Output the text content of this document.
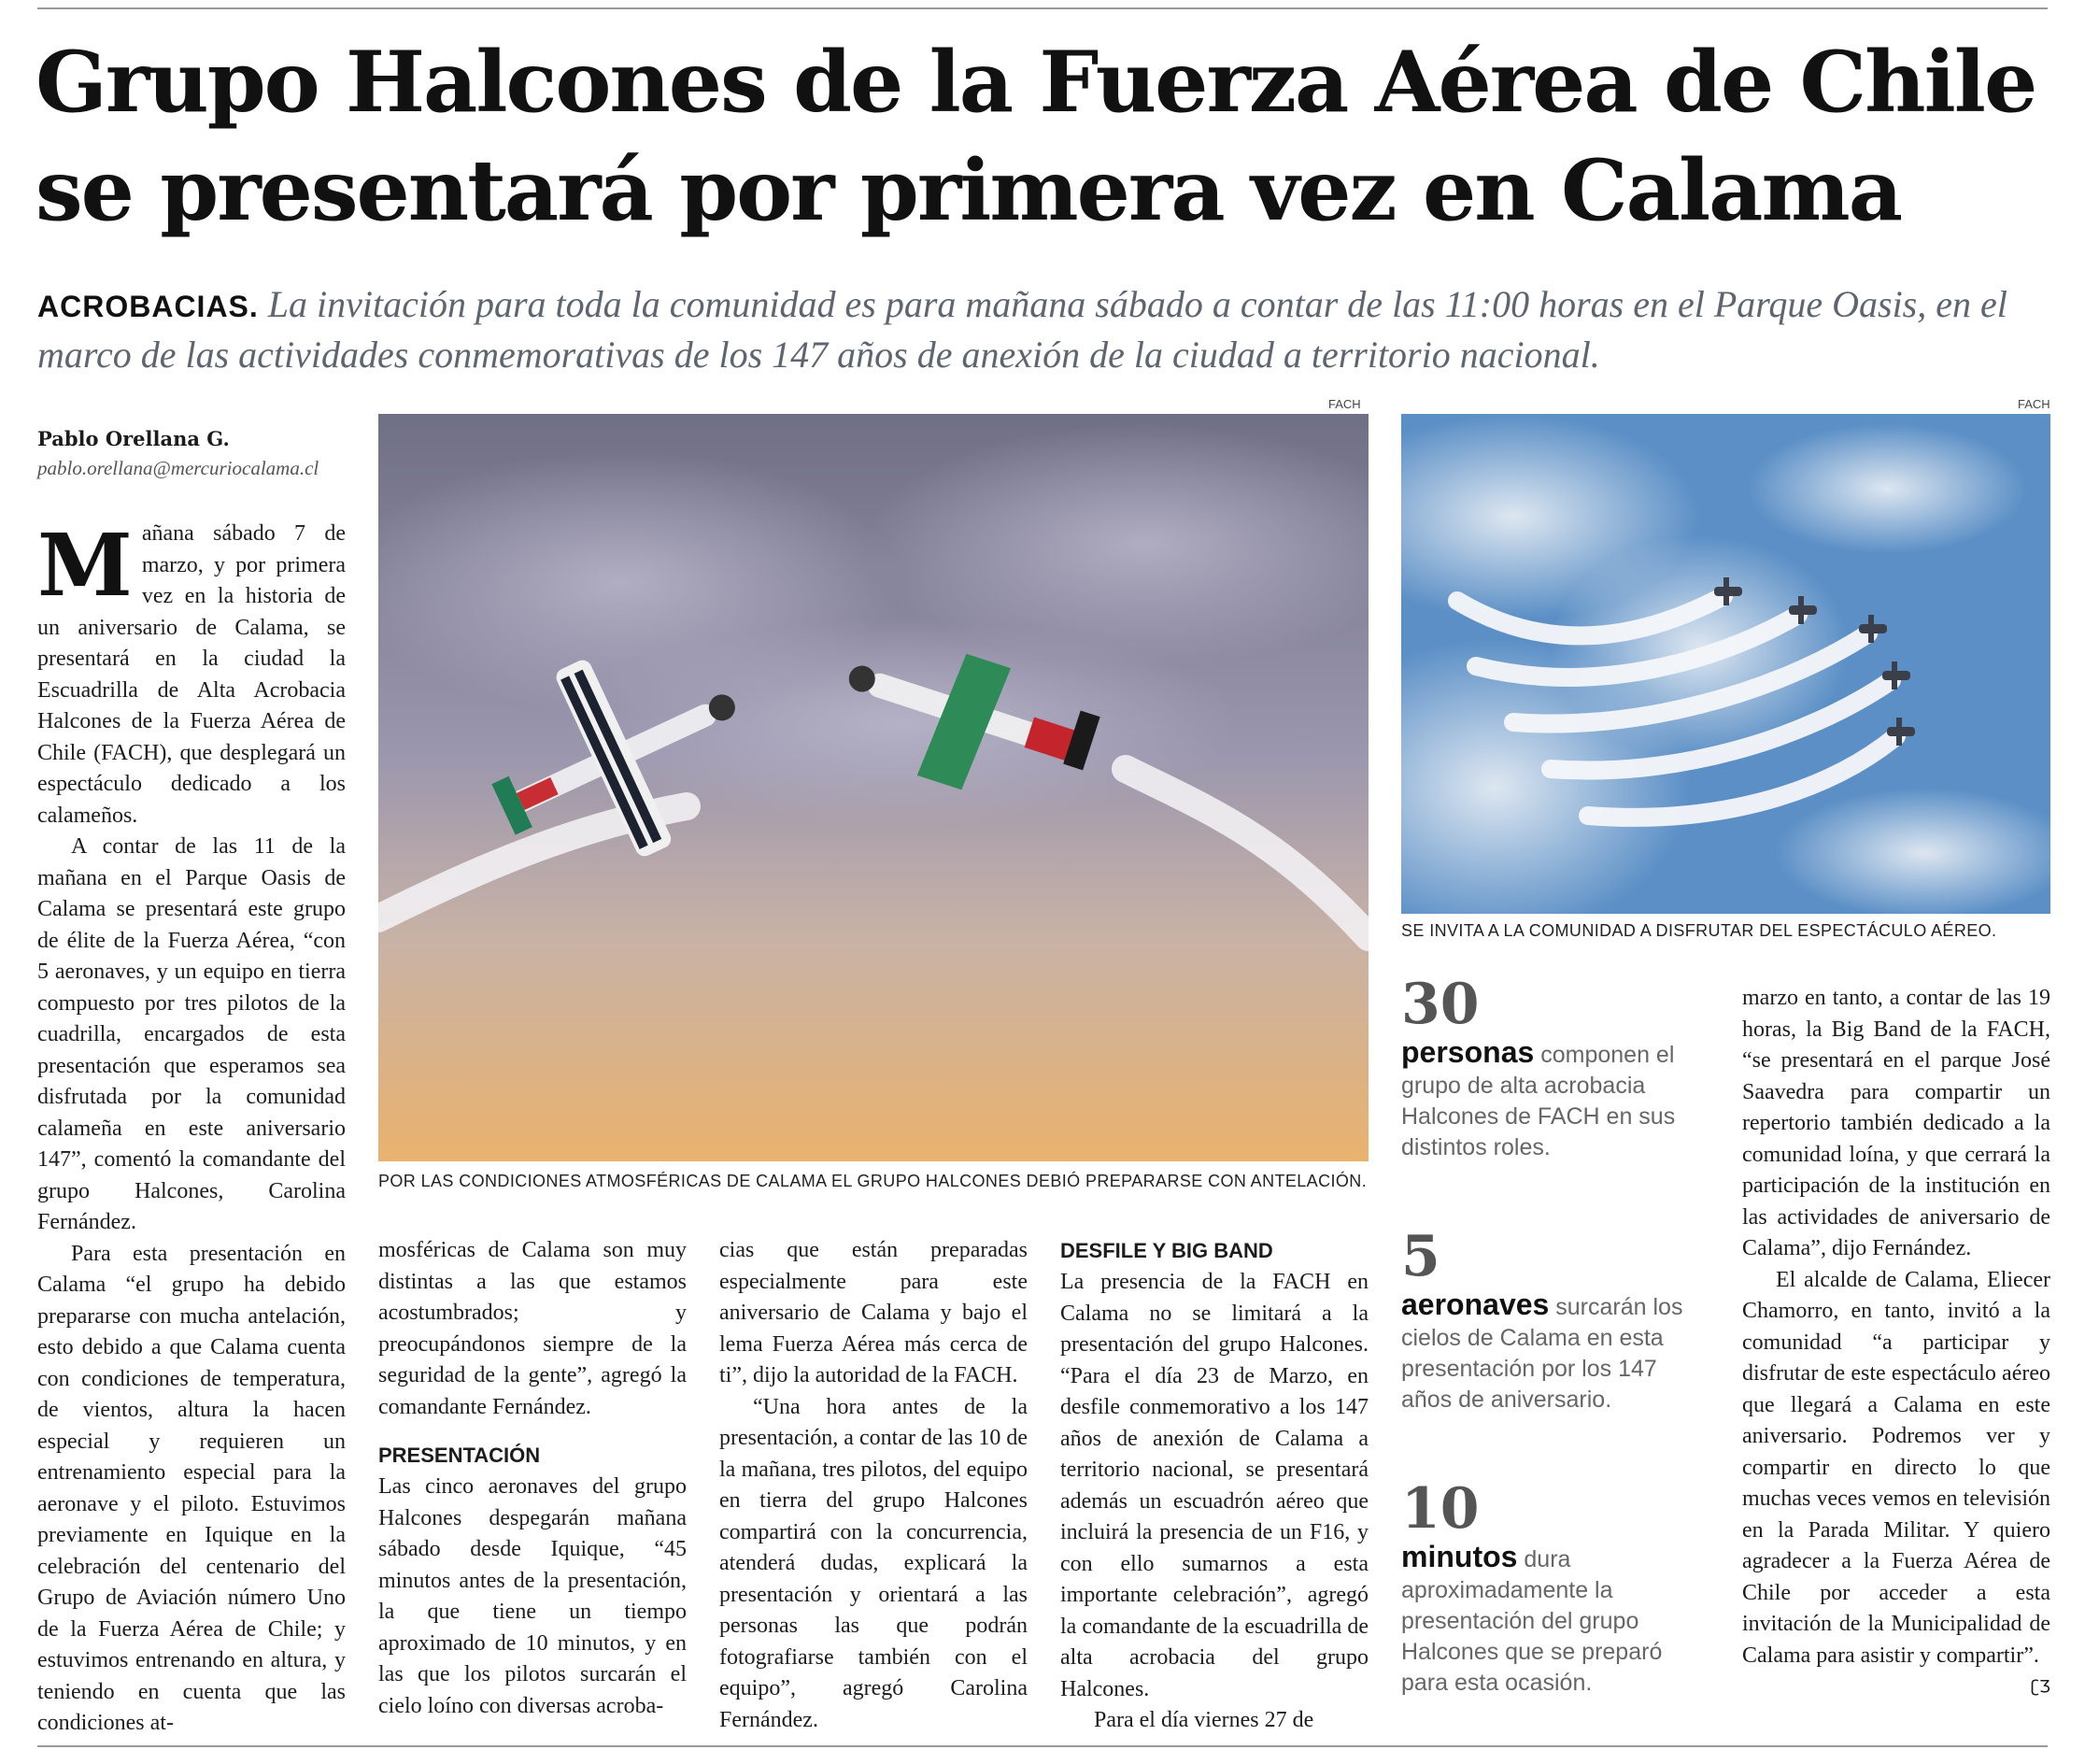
Grupo Halcones de la Fuerza Aérea de Chile
se presentará por primera vez en Calama
ACROBACIAS. La invitación para toda la comunidad es para mañana sábado a contar de las 11:00 horas en el Parque Oasis, en el marco de las actividades conmemorativas de los 147 años de anexión de la ciudad a territorio nacional.
Pablo Orellana G.
pablo.orellana@mercuriocalama.cl

Mañana sábado 7 de marzo, y por primera vez en la historia de un aniversario de Calama, se presentará en la ciudad la Escuadrilla de Alta Acrobacia Halcones de la Fuerza Aérea de Chile (FACH), que desplegará un espectáculo dedicado a los calameños.

A contar de las 11 de la mañana en el Parque Oasis de Calama se presentará este grupo de élite de la Fuerza Aérea, “con 5 aeronaves, y un equipo en tierra compuesto por tres pilotos de la cuadrilla, encargados de esta presentación que esperamos sea disfrutada por la comunidad calameña en este aniversario 147”, comentó la comandante del grupo Halcones, Carolina Fernández.

Para esta presentación en Calama “el grupo ha debido prepararse con mucha antelación, esto debido a que Calama cuenta con condiciones de temperatura, de vientos, altura la hacen especial y requieren un entrenamiento especial para la aeronave y el piloto. Estuvimos previamente en Iquique en la celebración del centenario del Grupo de Aviación número Uno de la Fuerza Aérea de Chile; y estuvimos entrenando en altura, y teniendo en cuenta que las condiciones at-

FACH
POR LAS CONDICIONES ATMOSFÉRICAS DE CALAMA EL GRUPO HALCONES DEBIÓ PREPARARSE CON ANTELACIÓN.
FACH
SE INVITA A LA COMUNIDAD A DISFRUTAR DEL ESPECTÁCULO AÉREO.

mosféricas de Calama son muy distintas a las que estamos acostumbrados; y preocupándonos siempre de la seguridad de la gente”, agregó la comandante Fernández.

PRESENTACIÓN

Las cinco aeronaves del grupo Halcones despegarán mañana sábado desde Iquique, “45 minutos antes de la presentación, la que tiene un tiempo aproximado de 10 minutos, y en las que los pilotos surcarán el cielo loíno con diversas acroba-

cias que están preparadas especialmente para este aniversario de Calama y bajo el lema Fuerza Aérea más cerca de ti”, dijo la autoridad de la FACH.

“Una hora antes de la presentación, a contar de las 10 de la mañana, tres pilotos, del equipo en tierra del grupo Halcones compartirá con la concurrencia, atenderá dudas, explicará la presentación y orientará a las personas las que podrán fotografiarse también con el equipo”, agregó Carolina Fernández.

DESFILE Y BIG BAND

La presencia de la FACH en Calama no se limitará a la presentación del grupo Halcones. “Para el día 23 de Marzo, en desfile conmemorativo a los 147 años de anexión de Calama a territorio nacional, se presentará además un escuadrón aéreo que incluirá la presencia de un F16, y con ello sumarnos a esta importante celebración”, agregó la comandante de la escuadrilla de alta acrobacia del grupo Halcones.

Para el día viernes 27 de

30
personas componen el grupo de alta acrobacia Halcones de FACH en sus distintos roles.
5
aeronaves surcarán los cielos de Calama en esta presentación por los 147 años de aniversario.
10
minutos dura aproximadamente la presentación del grupo Halcones que se preparó para esta ocasión.

marzo en tanto, a contar de las 19 horas, la Big Band de la FACH, “se presentará en el parque José Saavedra para compartir un repertorio también dedicado a la comunidad loína, y que cerrará la participación de la institución en las actividades de aniversario de Calama”, dijo Fernández.

El alcalde de Calama, Eliecer Chamorro, en tanto, invitó a la comunidad “a participar y disfrutar de este espectáculo aéreo que llegará a Calama en este aniversario. Podremos ver y compartir en directo lo que muchas veces vemos en televisión en la Parada Militar. Y quiero agradecer a la Fuerza Aérea de Chile por acceder a esta invitación de la Municipalidad de Calama para asistir y compartir”.
ʗƷ
